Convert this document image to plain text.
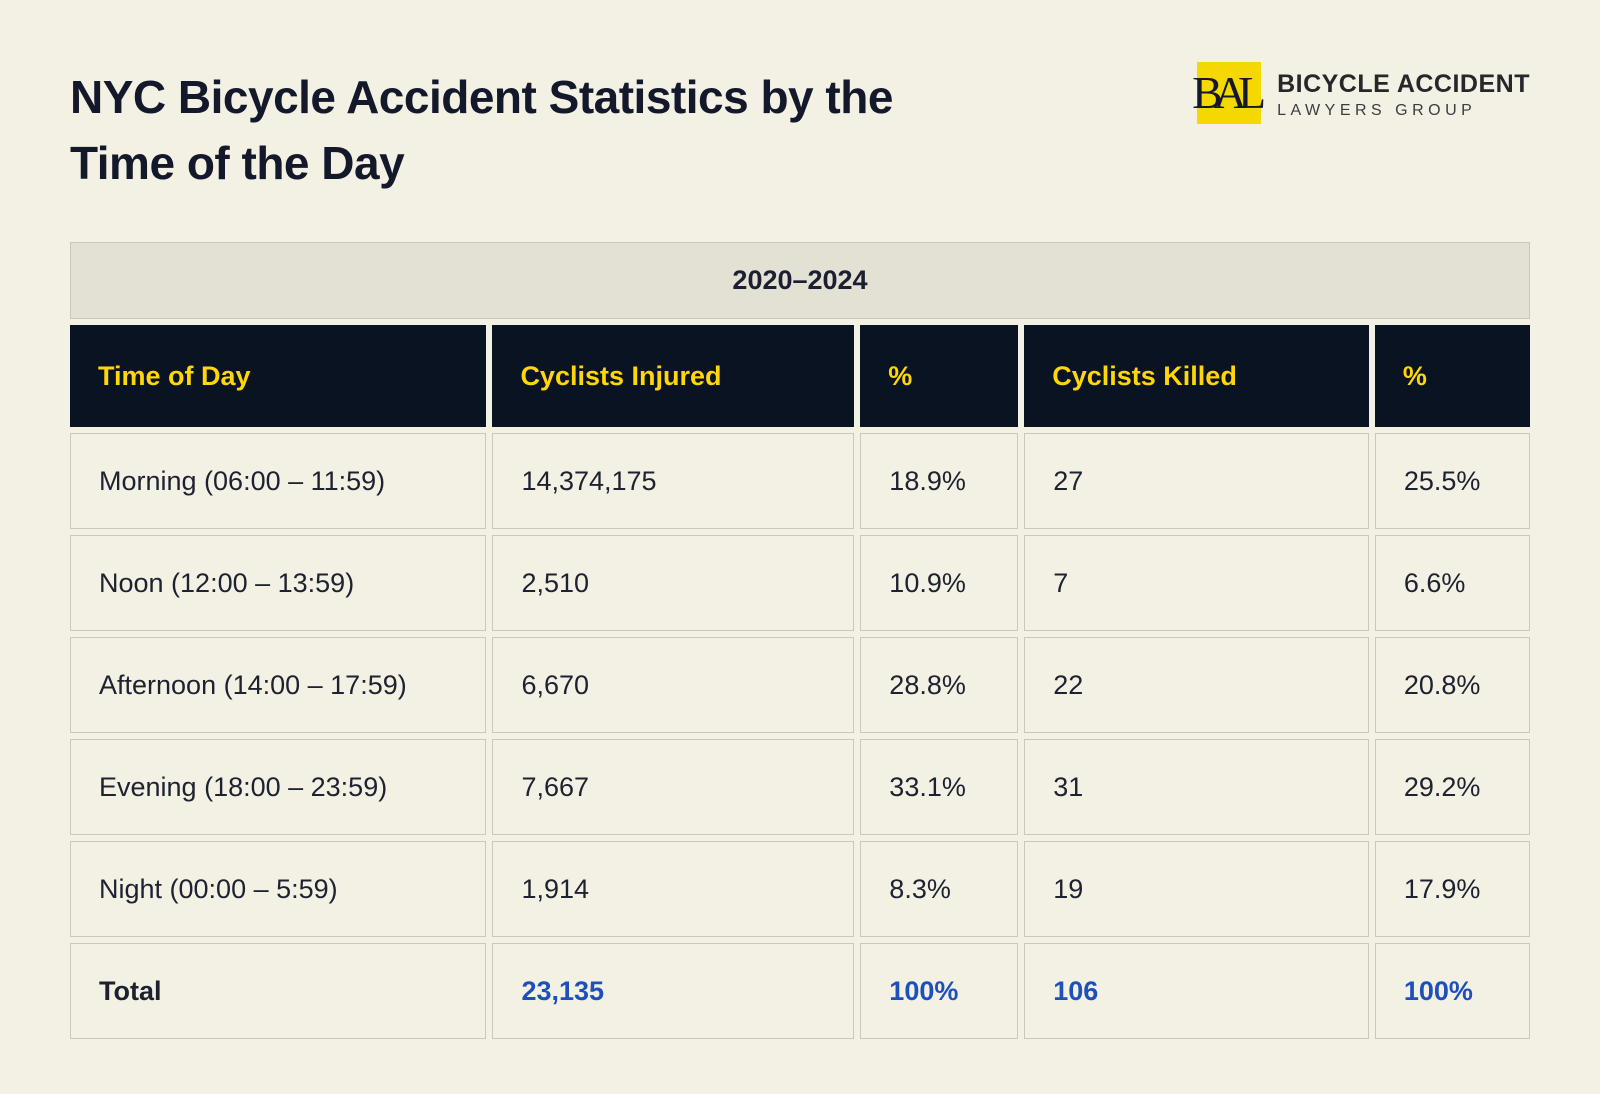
NYC Bicycle Accident Statistics by the
Time of the Day
BAL BICYCLE ACCIDENT
LAWYERS GROUP
2020–2024				
Time of Day	Cyclists Injured	%	Cyclists Killed	%
Morning (06:00 – 11:59)	14,374,175	18.9%	27	25.5%
Noon (12:00 – 13:59)	2,510	10.9%	7	6.6%
Afternoon (14:00 – 17:59)	6,670	28.8%	22	20.8%
Evening (18:00 – 23:59)	7,667	33.1%	31	29.2%
Night (00:00 – 5:59)	1,914	8.3%	19	17.9%
Total	23,135	100%	106	100%
